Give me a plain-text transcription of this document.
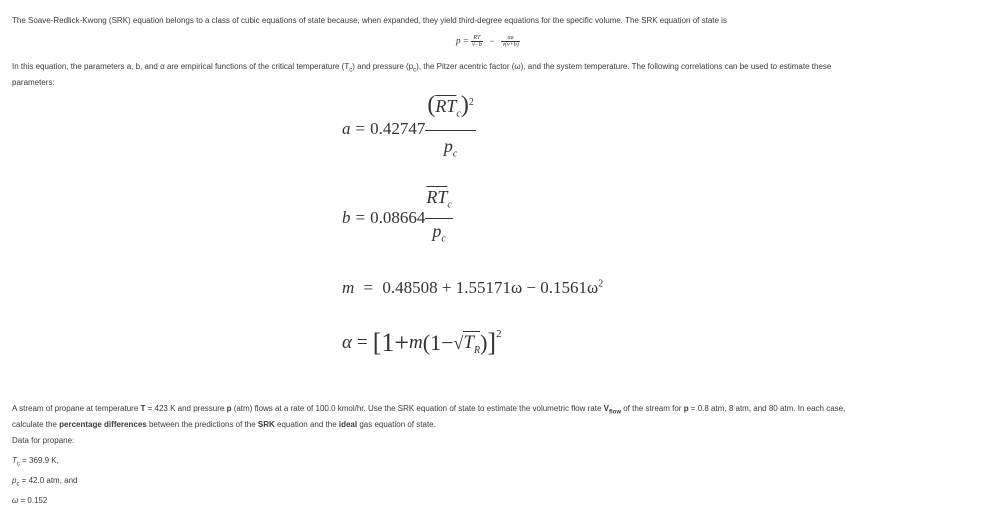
The Soave-Redlick-Kwong (SRK) equation belongs to a class of cubic equations of state because, when expanded, they yield third-degree equations for the specific volume. The SRK equation of state is
$p = \frac{RT}{v-b} - \frac{\alpha a}{v(v+b)}$
In this equation, the parameters a, b, and α are empirical functions of the critical temperature $(T_c)$ and pressure $(p_c)$, the Pitzer acentric factor (ω), and the system temperature. The following correlations can be used to estimate these
parameters:
$a = 0.42747 \frac{(\overline{RT}_c)^2}{p_c}$
$b = 0.08664 \frac{\overline{RT}_c}{p_c}$
$m = 0.48508 + 1.55171\omega - 0.1561\omega^2$
α = [1+ m (1− √ $T_R$ ) ]$^2$
A stream of propane at temperature T = 423 K and pressure p (atm) flows at a rate of 100.0 kmol/hr. Use the SRK equation of state to estimate the volumetric flow rate $V_{flow}$ of the stream for p = 0.8 atm, 8 atm, and 80 atm. In each case,
calculate the percentage differences between the predictions of the SRK equation and the ideal gas equation of state.
Data for propane:
$T_c = 369.9$ K,
$p_c = 42.0$ atm, and
ω = 0.152
